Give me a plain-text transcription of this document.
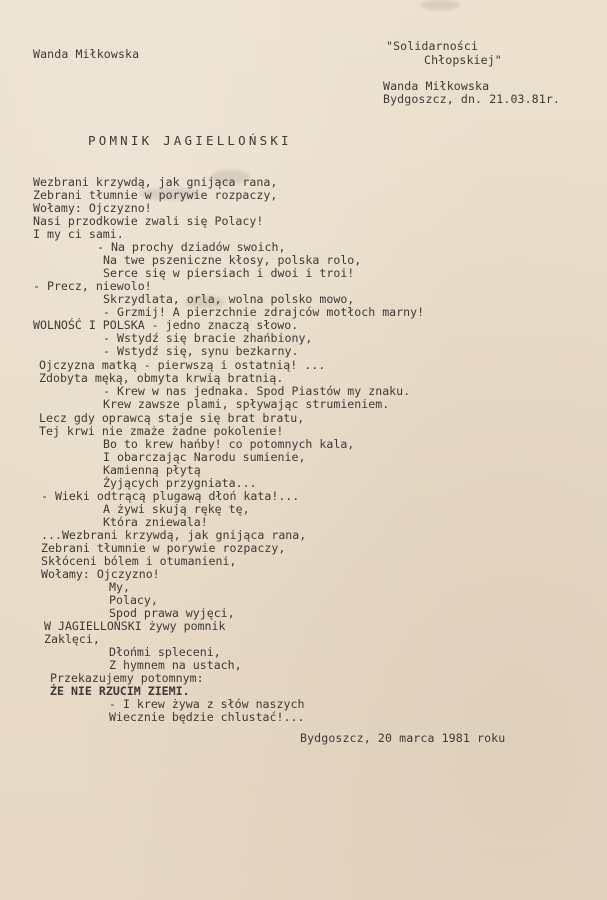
Wanda Miłkowska
"Solidarności
Chłopskiej"
Wanda Miłkowska
Bydgoszcz, dn. 21.03.81r.
POMNIK JAGIELLOŃSKI
Wezbrani krzywdą, jak gnijąca rana,
Zebrani tłumnie w porywie rozpaczy,
Wołamy: Ojczyzno!
Nasi przodkowie zwali się Polacy!
I my ci sami.
- Na prochy dziadów swoich,
Na twe pszeniczne kłosy, polska rolo,
Serce się w piersiach i dwoi i troi!
- Precz, niewolo!
Skrzydlata, orla, wolna polsko mowo,
- Grzmij! A pierzchnie zdrajców motłoch marny!
WOLNOŚĆ I POLSKA - jedno znaczą słowo.
- Wstydź się bracie zhańbiony,
- Wstydź się, synu bezkarny.
Ojczyzna matką - pierwszą i ostatnią! ...
Zdobyta męką, obmyta krwią bratnią.
- Krew w nas jednaka. Spod Piastów my znaku.
Krew zawsze plami, spływając strumieniem.
Lecz gdy oprawcą staje się brat bratu,
Tej krwi nie zmaże żadne pokolenie!
Bo to krew hańby! co potomnych kala,
I obarczając Narodu sumienie,
Kamienną płytą
Żyjących przygniata...
- Wieki odtrącą plugawą dłoń kata!...
A żywi skują rękę tę,
Która zniewala!
...Wezbrani krzywdą, jak gnijąca rana,
Zebrani tłumnie w porywie rozpaczy,
Skłóceni bólem i otumanieni,
Wołamy: Ojczyzno!
My,
Polacy,
Spod prawa wyjęci,
W JAGIELLOŃSKI żywy pomnik
Zaklęci,
Dłońmi spleceni,
Z hymnem na ustach,
Przekazujemy potomnym:
ŻE NIE RZUCIM ZIEMI.
- I krew żywa z słów naszych
Wiecznie będzie chlustać!...
Bydgoszcz, 20 marca 1981 roku
